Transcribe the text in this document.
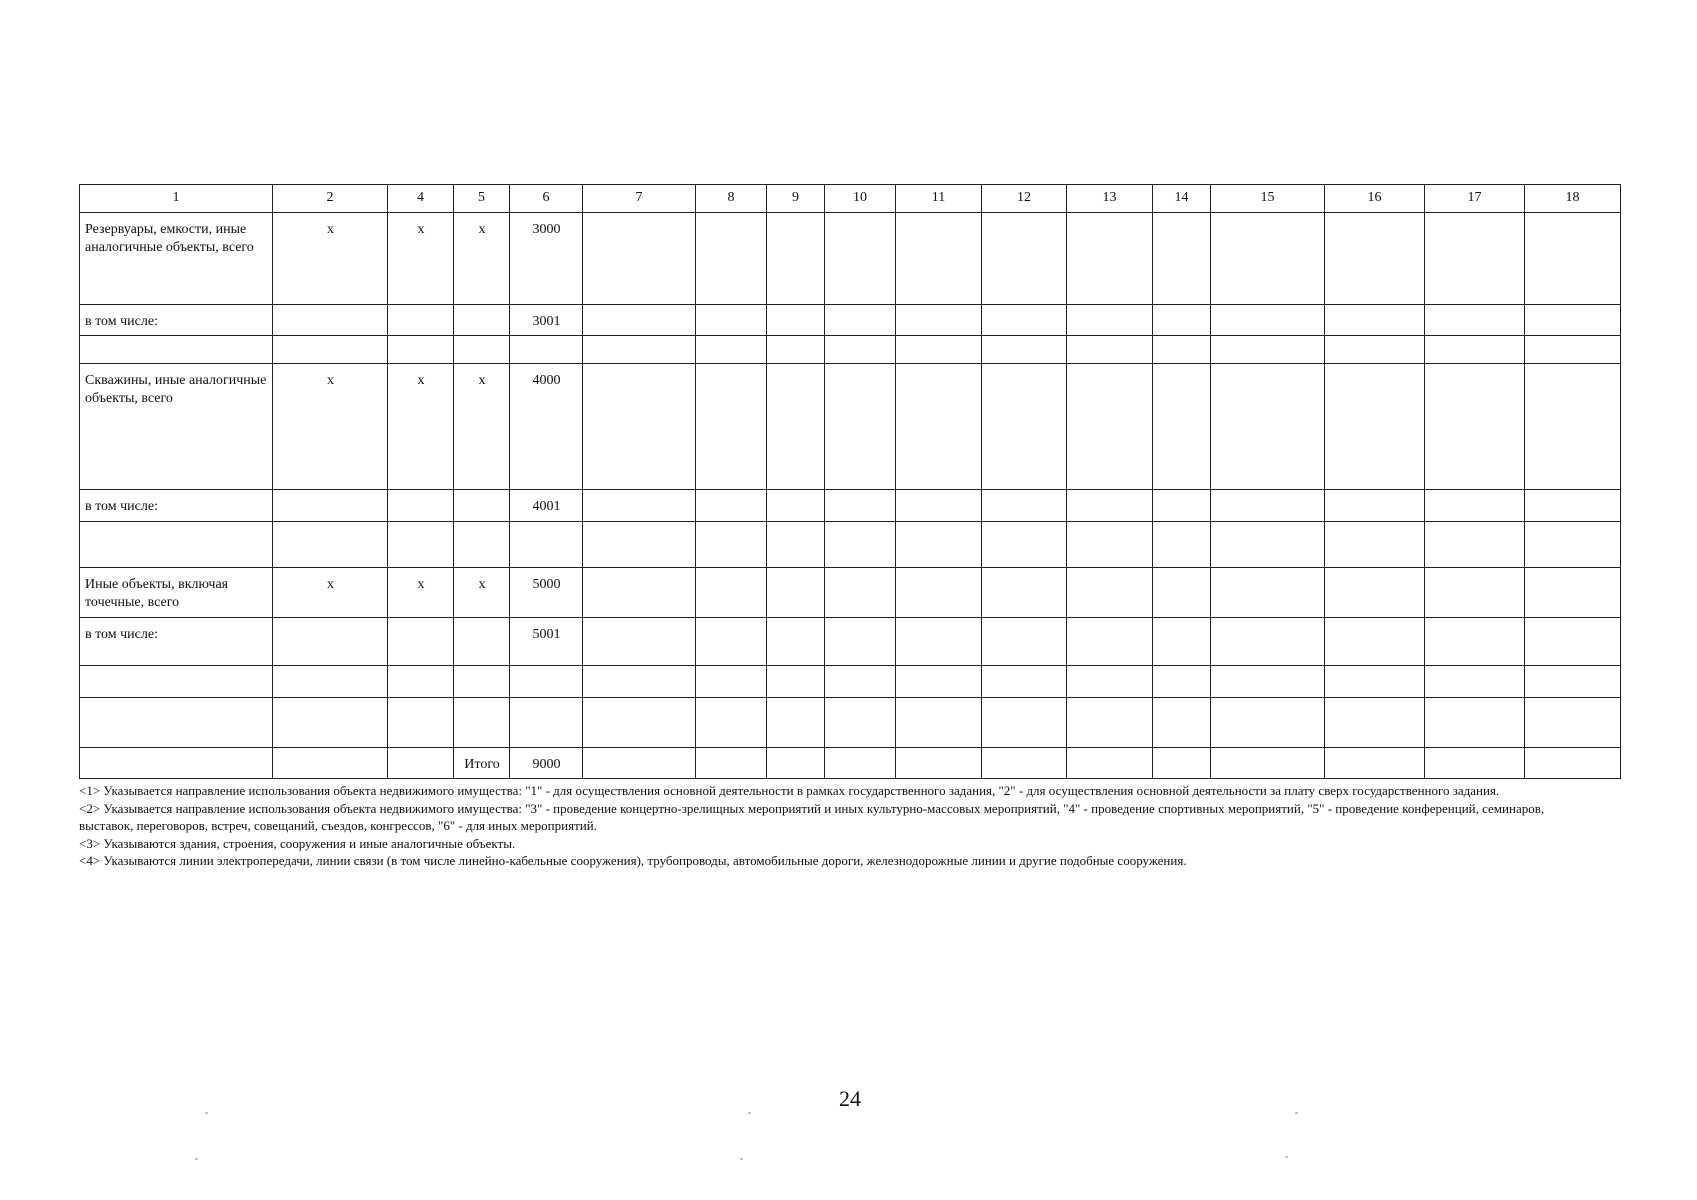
1	2	4	5	6	7	8	9	10	11	12	13	14	15	16	17	18
Резервуары, емкости, иные аналогичные объекты, всего	x	x	x	3000												
в том числе:				3001												

Скважины, иные аналогичные объекты, всего	x	x	x	4000												
в том числе:				4001												

Иные объекты, включая точечные, всего	x	x	x	5000												
в том числе:				5001												

			Итого	9000												

<1> Указывается направление использования объекта недвижимого имущества: "1" - для осуществления основной деятельности в рамках государственного задания, "2" - для осуществления основной деятельности за плату сверх государственного задания.

<2> Указывается направление использования объекта недвижимого имущества: "3" - проведение концертно-зрелищных мероприятий и иных культурно-массовых мероприятий, "4" - проведение спортивных мероприятий, "5" - проведение конференций, семинаров, выставок, переговоров, встреч, совещаний, съездов, конгрессов, "6" - для иных мероприятий.

<3> Указываются здания, строения, сооружения и иные аналогичные объекты.

<4> Указываются линии электропередачи, линии связи (в том числе линейно-кабельные сооружения), трубопроводы, автомобильные дороги, железнодорожные линии и другие подобные сооружения.

24
